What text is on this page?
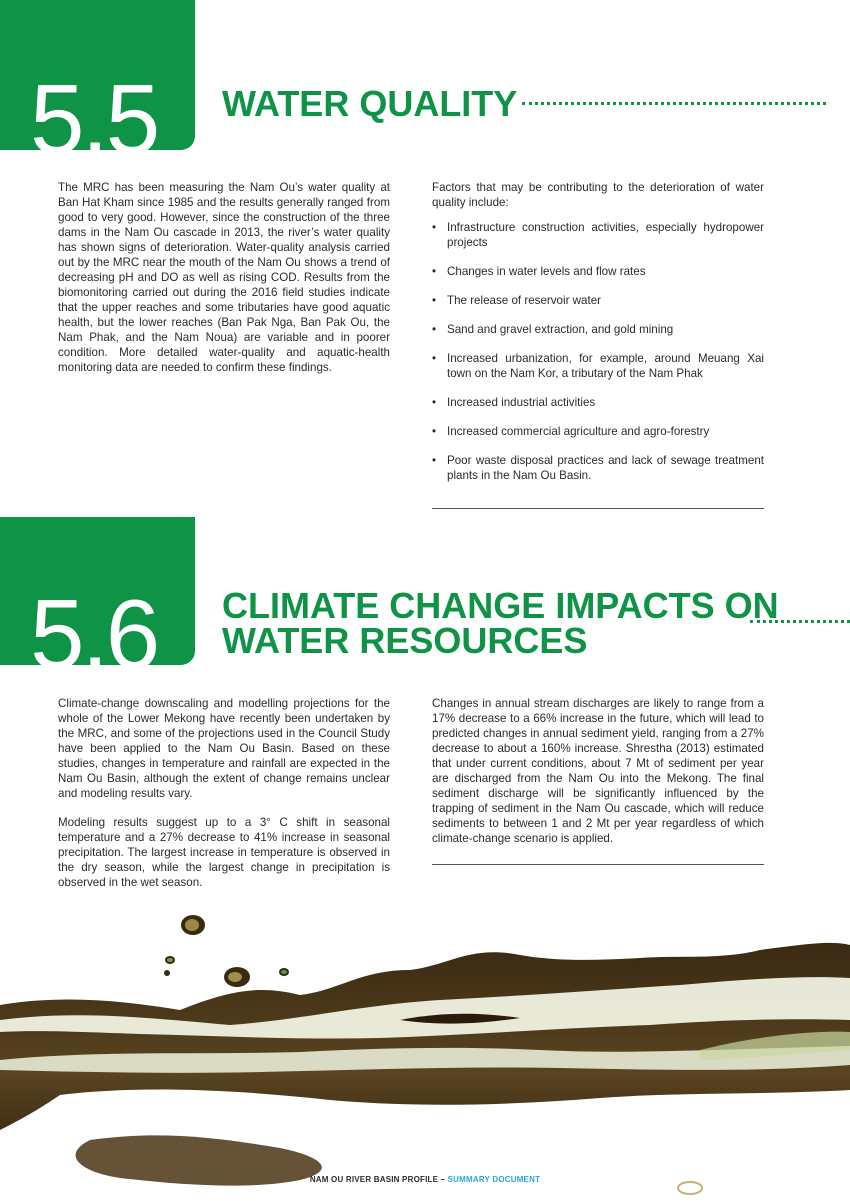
5.5 WATER QUALITY

The MRC has been measuring the Nam Ou’s water quality at Ban Hat Kham since 1985 and the results generally ranged from good to very good. However, since the construction of the three dams in the Nam Ou cascade in 2013, the river’s water quality has shown signs of deterioration. Water-quality analysis carried out by the MRC near the mouth of the Nam Ou shows a trend of decreasing pH and DO as well as rising COD. Results from the biomonitoring carried out during the 2016 field studies indicate that the upper reaches and some tributaries have good aquatic health, but the lower reaches (Ban Pak Nga, Ban Pak Ou, the Nam Phak, and the Nam Noua) are variable and in poorer condition. More detailed water-quality and aquatic-health monitoring data are needed to confirm these findings.

Factors that may be contributing to the deterioration of water quality include:

• Infrastructure construction activities, especially hydropower projects
• Changes in water levels and flow rates
• The release of reservoir water
• Sand and gravel extraction, and gold mining
• Increased urbanization, for example, around Meuang Xai town on the Nam Kor, a tributary of the Nam Phak
• Increased industrial activities
• Increased commercial agriculture and agro-forestry
• Poor waste disposal practices and lack of sewage treatment plants in the Nam Ou Basin.
5.6 CLIMATE CHANGE IMPACTS ON
WATER RESOURCES

Climate-change downscaling and modelling projections for the whole of the Lower Mekong have recently been undertaken by the MRC, and some of the projections used in the Council Study have been applied to the Nam Ou Basin. Based on these studies, changes in temperature and rainfall are expected in the Nam Ou Basin, although the extent of change remains unclear and modeling results vary.

Modeling results suggest up to a 3° C shift in seasonal temperature and a 27% decrease to 41% increase in seasonal precipitation. The largest increase in temperature is observed in the dry season, while the largest change in precipitation is observed in the wet season.

Changes in annual stream discharges are likely to range from a 17% decrease to a 66% increase in the future, which will lead to predicted changes in annual sediment yield, ranging from a 27% decrease to about a 160% increase. Shrestha (2013) estimated that under current conditions, about 7 Mt of sediment per year are discharged from the Nam Ou into the Mekong. The final sediment discharge will be significantly influenced by the trapping of sediment in the Nam Ou cascade, which will reduce sediments to between 1 and 2 Mt per year regardless of which climate-change scenario is applied.

62
NAM OU RIVER BASIN PROFILE – SUMMARY DOCUMENT
